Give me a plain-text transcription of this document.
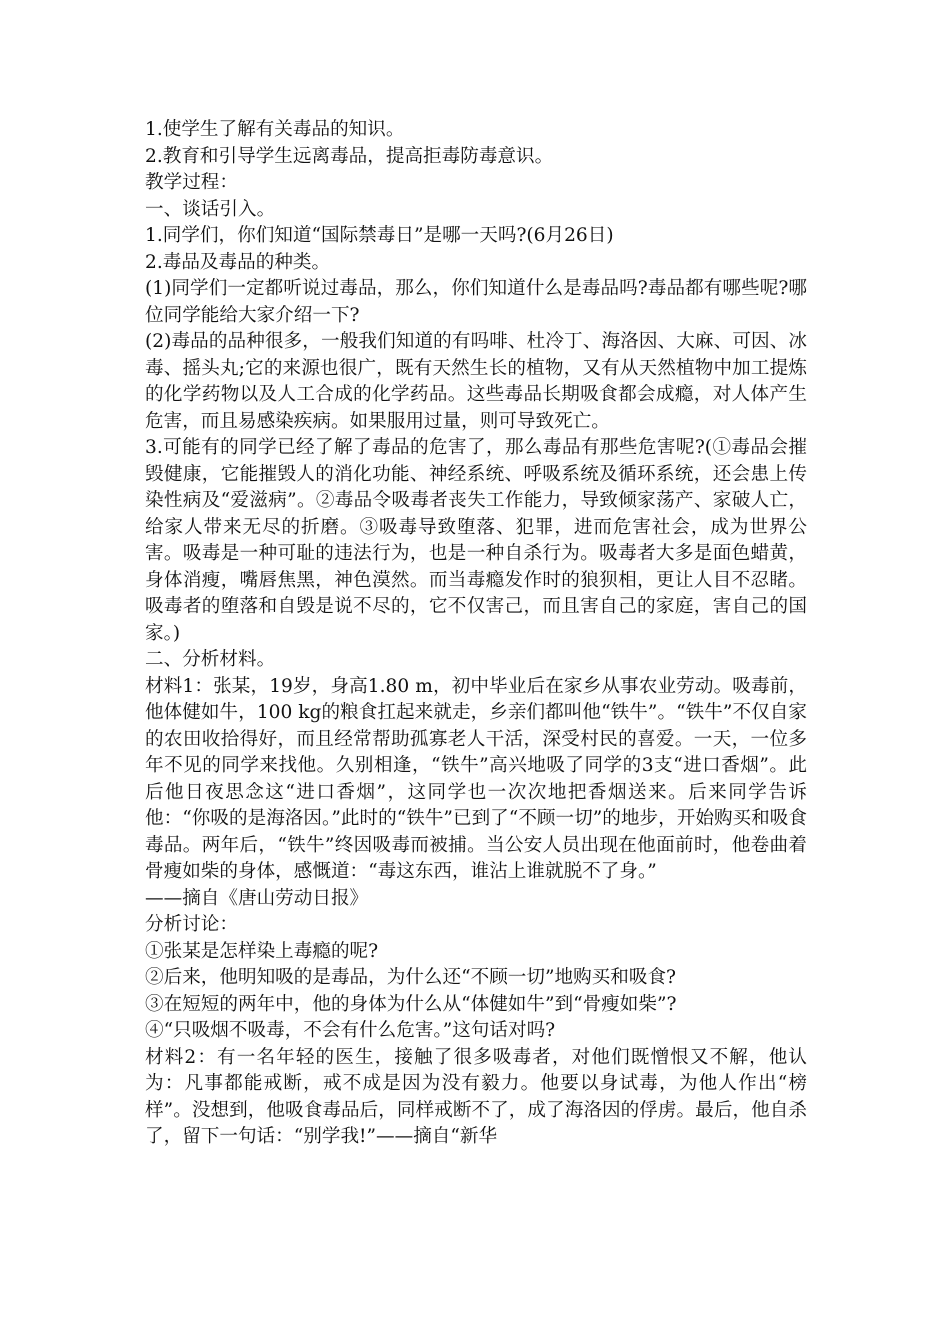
1.使学生了解有关毒品的知识。

2.教育和引导学生远离毒品，提高拒毒防毒意识。

教学过程：

一、谈话引入。

1.同学们，你们知道“国际禁毒日”是哪一天吗?(6月26日)

2.毒品及毒品的种类。

(1)同学们一定都听说过毒品，那么，你们知道什么是毒品吗?毒品都有哪些呢?哪位同学能给大家介绍一下?

(2)毒品的品种很多，一般我们知道的有吗啡、杜冷丁、海洛因、大麻、可因、冰毒、摇头丸;它的来源也很广，既有天然生长的植物，又有从天然植物中加工提炼的化学药物以及人工合成的化学药品。这些毒品长期吸食都会成瘾，对人体产生危害，而且易感染疾病。如果服用过量，则可导致死亡。

3.可能有的同学已经了解了毒品的危害了，那么毒品有那些危害呢?(①毒品会摧毁健康，它能摧毁人的消化功能、神经系统、呼吸系统及循环系统，还会患上传染性病及“爱滋病”。②毒品令吸毒者丧失工作能力，导致倾家荡产、家破人亡，给家人带来无尽的折磨。③吸毒导致堕落、犯罪，进而危害社会，成为世界公害。吸毒是一种可耻的违法行为，也是一种自杀行为。吸毒者大多是面色蜡黄，身体消瘦，嘴唇焦黑，神色漠然。而当毒瘾发作时的狼狈相，更让人目不忍睹。吸毒者的堕落和自毁是说不尽的，它不仅害己，而且害自己的家庭，害自己的国家。)

二、分析材料。

材料1：张某，19岁，身高1.80 m，初中毕业后在家乡从事农业劳动。吸毒前，他体健如牛，100 kg的粮食扛起来就走，乡亲们都叫他“铁牛”。“铁牛”不仅自家的农田收拾得好，而且经常帮助孤寡老人干活，深受村民的喜爱。一天，一位多年不见的同学来找他。久别相逢，“铁牛”高兴地吸了同学的3支“进口香烟”。此后他日夜思念这“进口香烟”，这同学也一次次地把香烟送来。后来同学告诉他：“你吸的是海洛因。”此时的“铁牛”已到了“不顾一切”的地步，开始购买和吸食毒品。两年后，“铁牛”终因吸毒而被捕。当公安人员出现在他面前时，他卷曲着骨瘦如柴的身体，感慨道：“毒这东西，谁沾上谁就脱不了身。”

——摘自《唐山劳动日报》

分析讨论：

①张某是怎样染上毒瘾的呢?

②后来，他明知吸的是毒品，为什么还“不顾一切”地购买和吸食?

③在短短的两年中，他的身体为什么从“体健如牛”到“骨瘦如柴”?

④“只吸烟不吸毒，不会有什么危害。”这句话对吗?

材料2：有一名年轻的医生，接触了很多吸毒者，对他们既憎恨又不解，他认为：凡事都能戒断，戒不成是因为没有毅力。他要以身试毒，为他人作出“榜样”。没想到，他吸食毒品后，同样戒断不了，成了海洛因的俘虏。最后，他自杀了，留下一句话：“别学我!”——摘自“新华
